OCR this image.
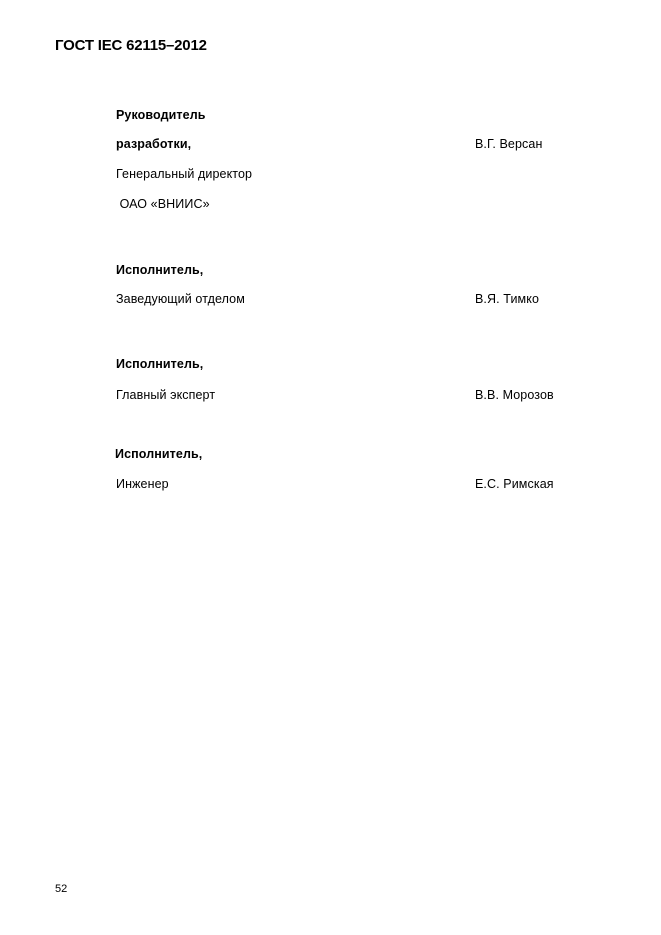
ГОСТ IEC 62115–2012
Руководитель
разработки,	В.Г. Версан
Генеральный директор
ОАО «ВНИИС»
Исполнитель,
Заведующий отделом	В.Я. Тимко
Исполнитель,
Главный эксперт	В.В. Морозов
Исполнитель,
Инженер	Е.С. Римская
52
